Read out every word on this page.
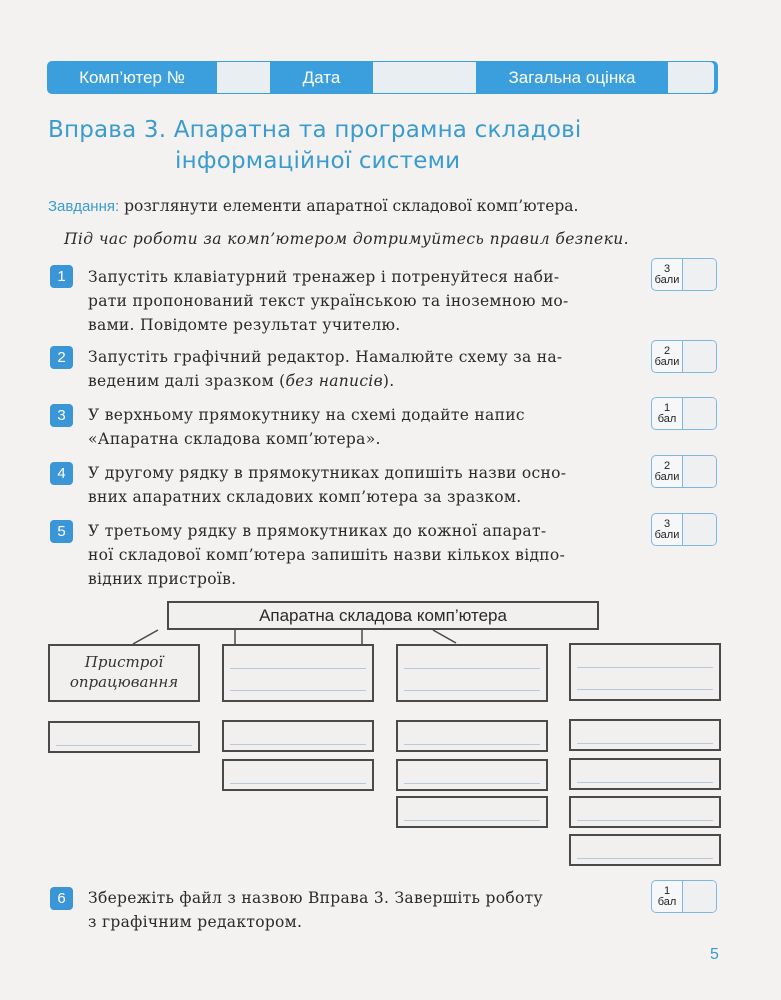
Комп’ютер №	Дата	Загальна оцінка
Вправа 3. Апаратна та програмна складові
інформаційної системи
Завдання: розглянути елементи апаратної складової комп’ютера.
Під час роботи за комп’ютером дотримуйтесь правил безпеки.
1	Запустіть клавіатурний тренажер і потренуйтеся наби-
рати пропонований текст українською та іноземною мо-
вами. Повідомте результат учителю.
3
бали
2	Запустіть графічний редактор. Намалюйте схему за на-
веденим далі зразком (без написів).
2
бали
3	У верхньому прямокутнику на схемі додайте напис
«Апаратна складова комп’ютера».
1
бал
4	У другому рядку в прямокутниках допишіть назви осно-
вних апаратних складових комп’ютера за зразком.
2
бали
5	У третьому рядку в прямокутниках до кожної апарат-
ної складової комп’ютера запишіть назви кількох відпо-
відних пристроїв.
3
бали
Апаратна складова комп’ютера
Пристрої
опрацювання
6	Збережіть файл з назвою Вправа 3. Завершіть роботу
з графічним редактором.
1
бал
5
